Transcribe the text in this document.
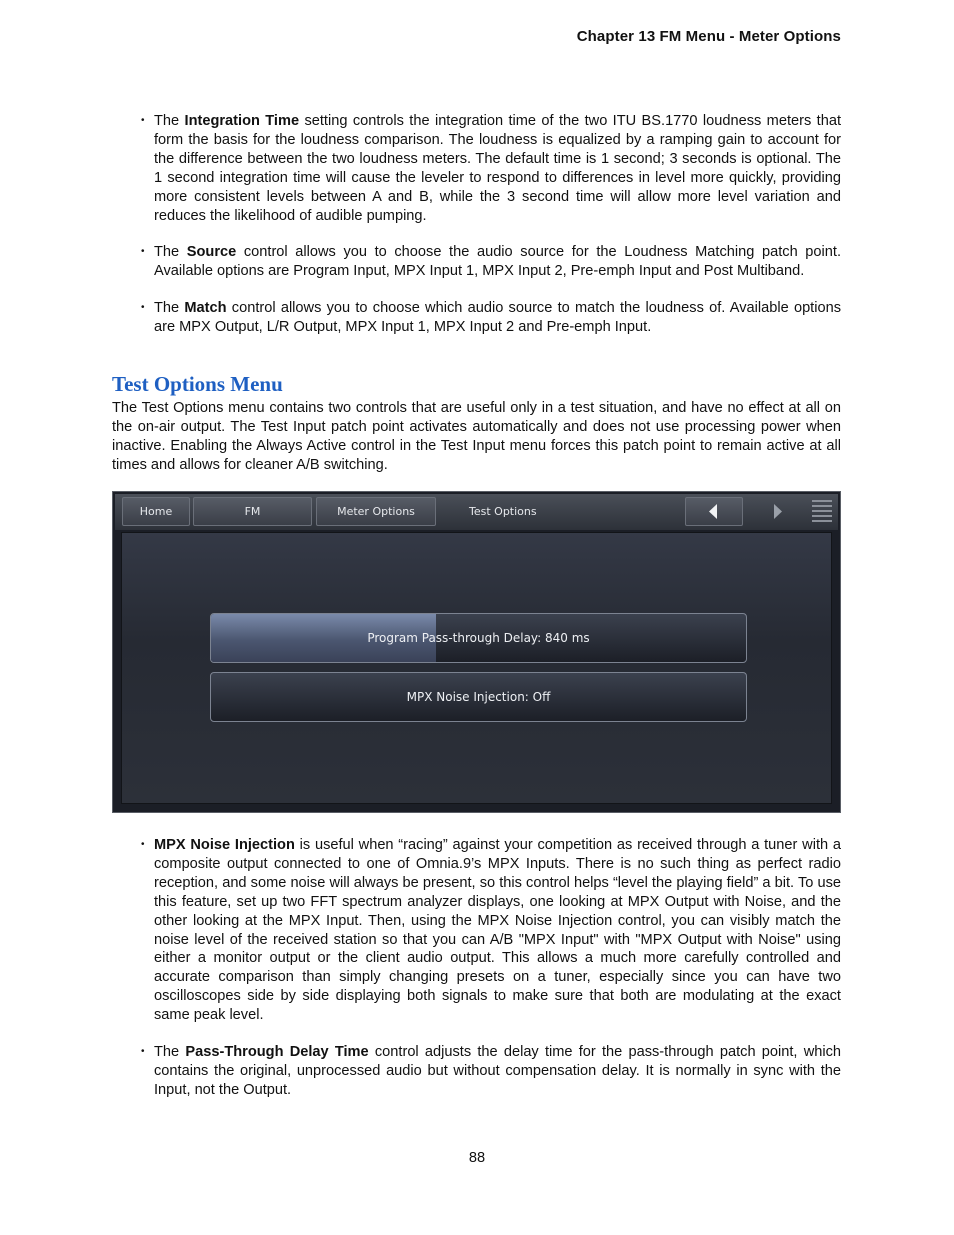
Chapter 13 FM Menu - Meter Options

• The Integration Time setting controls the integration time of the two ITU BS.1770 loudness meters that form the basis for the loudness comparison. The loudness is equalized by a ramping gain to account for the difference between the two loudness meters. The default time is 1 second; 3 seconds is optional. The 1 second integration time will cause the leveler to respond to differences in level more quickly, providing more consistent levels between A and B, while the 3 second time will allow more level variation and reduces the likelihood of audible pumping.

• The Source control allows you to choose the audio source for the Loudness Matching patch point. Available options are Program Input, MPX Input 1, MPX Input 2, Pre-emph Input and Post Multiband.

• The Match control allows you to choose which audio source to match the loudness of. Available options are MPX Output, L/R Output, MPX Input 1, MPX Input 2 and Pre-emph Input.

Test Options Menu

The Test Options menu contains two controls that are useful only in a test situation, and have no effect at all on the on-air output. The Test Input patch point activates automatically and does not use processing power when inactive. Enabling the Always Active control in the Test Input menu forces this patch point to remain active at all times and allows for cleaner A/B switching.

Home	FM	Meter Options	Test Options
Program Pass-through Delay: 840 ms
MPX Noise Injection: Off

• MPX Noise Injection is useful when “racing” against your competition as received through a tuner with a composite output connected to one of Omnia.9’s MPX Inputs. There is no such thing as perfect radio reception, and some noise will always be present, so this control helps “level the playing field” a bit. To use this feature, set up two FFT spectrum analyzer displays, one looking at MPX Output with Noise, and the other looking at the MPX Input. Then, using the MPX Noise Injection control, you can visibly match the noise level of the received station so that you can A/B "MPX Input" with "MPX Output with Noise" using either a monitor output or the client audio output. This allows a much more carefully controlled and accurate comparison than simply changing presets on a tuner, especially since you can have two oscilloscopes side by side displaying both signals to make sure that both are modulating at the exact same peak level.

• The Pass-Through Delay Time control adjusts the delay time for the pass-through patch point, which contains the original, unprocessed audio but without compensation delay. It is normally in sync with the Input, not the Output.

88
